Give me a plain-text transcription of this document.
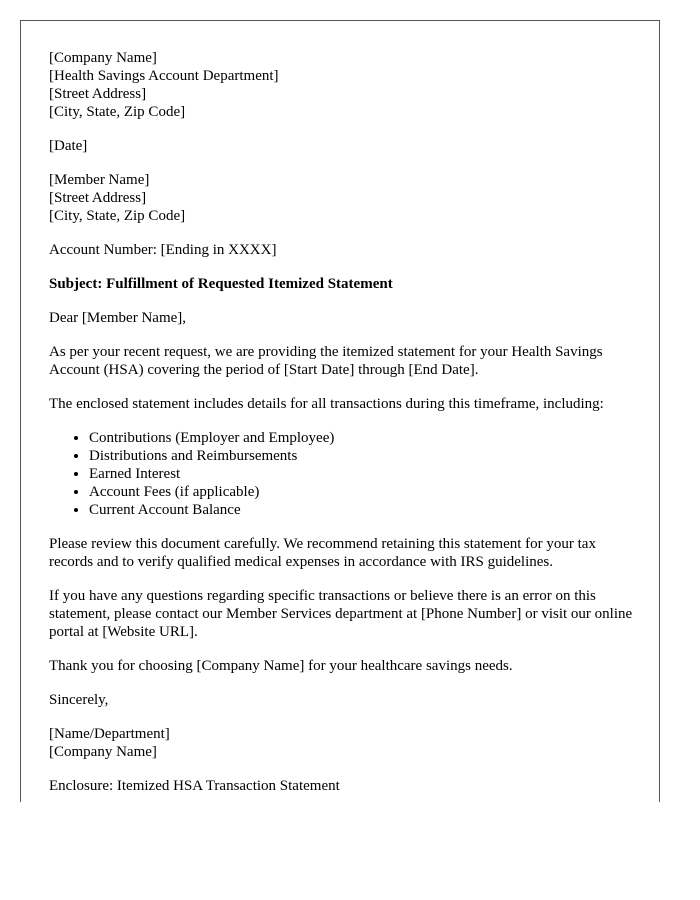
[Company Name]
[Health Savings Account Department]
[Street Address]
[City, State, Zip Code]

[Date]

[Member Name]
[Street Address]
[City, State, Zip Code]

Account Number: [Ending in XXXX]

Subject: Fulfillment of Requested Itemized Statement

Dear [Member Name],

As per your recent request, we are providing the itemized statement for your Health Savings Account (HSA) covering the period of [Start Date] through [End Date].

The enclosed statement includes details for all transactions during this timeframe, including:

• Contributions (Employer and Employee)
• Distributions and Reimbursements
• Earned Interest
• Account Fees (if applicable)
• Current Account Balance

Please review this document carefully. We recommend retaining this statement for your tax records and to verify qualified medical expenses in accordance with IRS guidelines.

If you have any questions regarding specific transactions or believe there is an error on this statement, please contact our Member Services department at [Phone Number] or visit our online portal at [Website URL].

Thank you for choosing [Company Name] for your healthcare savings needs.

Sincerely,

[Name/Department]
[Company Name]

Enclosure: Itemized HSA Transaction Statement
